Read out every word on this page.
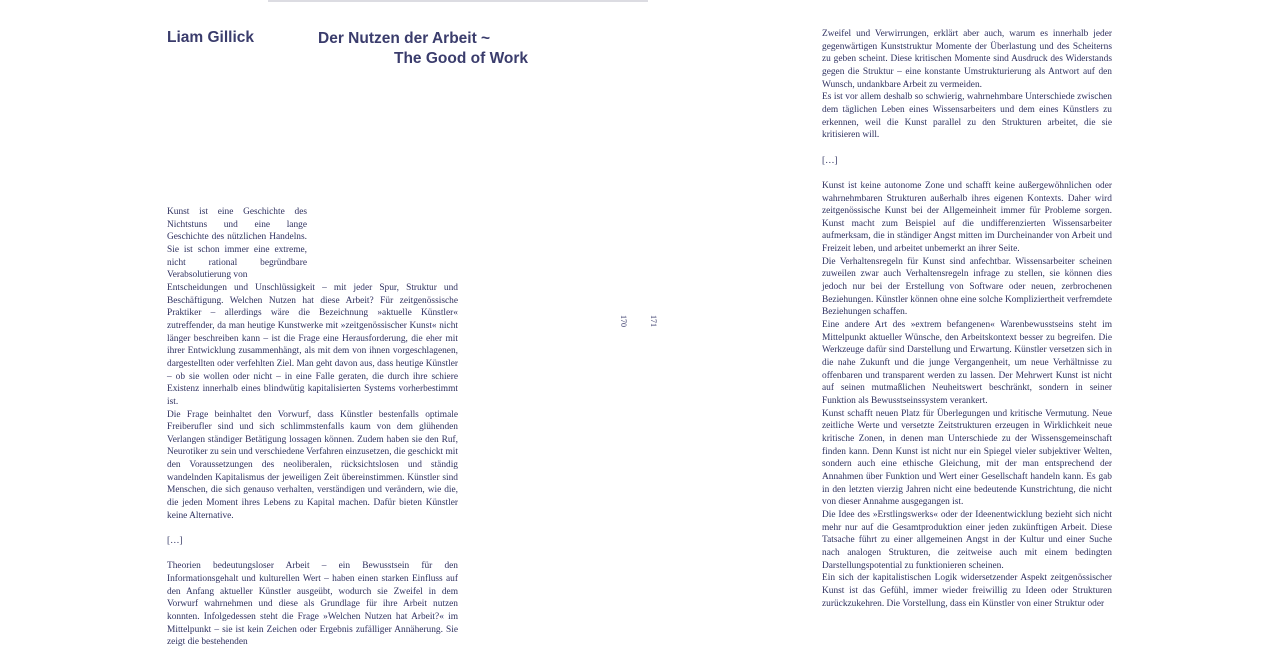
Liam Gillick	Der Nutzen der Arbeit ~
The Good of Work
170	171

Kunst ist eine Geschichte des Nichtstuns und eine lange Geschichte des nützlichen Handelns. Sie ist schon immer eine extreme, nicht rational begründbare Verabsolutierung von

Entscheidungen und Unschlüssigkeit – mit jeder Spur, Struktur und Beschäftigung. Welchen Nutzen hat diese Arbeit? Für zeitgenössische Praktiker – allerdings wäre die Bezeichnung »aktuelle Künstler« zutreffender, da man heutige Kunstwerke mit »zeitgenössischer Kunst« nicht länger beschreiben kann – ist die Frage eine Herausforderung, die eher mit ihrer Entwicklung zusammenhängt, als mit dem von ihnen vorgeschlagenen, dargestellten oder verfehlten Ziel. Man geht davon aus, dass heutige Künstler – ob sie wollen oder nicht – in eine Falle geraten, die durch ihre schiere Existenz innerhalb eines blindwütig kapitalisierten Systems vorherbestimmt ist.

Die Frage beinhaltet den Vorwurf, dass Künstler bestenfalls optimale Freiberufler sind und sich schlimmstenfalls kaum von dem glühenden Verlangen ständiger Betätigung lossagen können. Zudem haben sie den Ruf, Neurotiker zu sein und verschiedene Verfahren einzusetzen, die geschickt mit den Voraussetzungen des neoliberalen, rücksichtslosen und ständig wandelnden Kapitalismus der jeweiligen Zeit übereinstimmen. Künstler sind Menschen, die sich genauso verhalten, verständigen und verändern, wie die, die jeden Moment ihres Lebens zu Kapital machen. Dafür bieten Künstler keine Alternative.

[…]

Theorien bedeutungsloser Arbeit – ein Bewusstsein für den Informationsgehalt und kulturellen Wert – haben einen starken Einfluss auf den Anfang aktueller Künstler ausgeübt, wodurch sie Zweifel in dem Vorwurf wahrnehmen und diese als Grundlage für ihre Arbeit nutzen konnten. Infolgedessen steht die Frage »Welchen Nutzen hat Arbeit?« im Mittelpunkt – sie ist kein Zeichen oder Ergebnis zufälliger Annäherung. Sie zeigt die bestehenden

Zweifel und Verwirrungen, erklärt aber auch, warum es innerhalb jeder gegenwärtigen Kunststruktur Momente der Überlastung und des Scheiterns zu geben scheint. Diese kritischen Momente sind Ausdruck des Widerstands gegen die Struktur – eine konstante Umstrukturierung als Antwort auf den Wunsch, undankbare Arbeit zu vermeiden.

Es ist vor allem deshalb so schwierig, wahrnehmbare Unterschiede zwischen dem täglichen Leben eines Wissensarbeiters und dem eines Künstlers zu erkennen, weil die Kunst parallel zu den Strukturen arbeitet, die sie kritisieren will.

[…]

Kunst ist keine autonome Zone und schafft keine außergewöhnlichen oder wahrnehmbaren Strukturen außerhalb ihres eigenen Kontexts. Daher wird zeitgenössische Kunst bei der Allgemeinheit immer für Probleme sorgen. Kunst macht zum Beispiel auf die undifferenzierten Wissensarbeiter aufmerksam, die in ständiger Angst mitten im Durcheinander von Arbeit und Freizeit leben, und arbeitet unbemerkt an ihrer Seite.

Die Verhaltensregeln für Kunst sind anfechtbar. Wissensarbeiter scheinen zuweilen zwar auch Verhaltensregeln infrage zu stellen, sie können dies jedoch nur bei der Erstellung von Software oder neuen, zerbrochenen Beziehungen. Künstler können ohne eine solche Kompliziertheit verfremdete Beziehungen schaffen.

Eine andere Art des »extrem befangenen« Warenbewusstseins steht im Mittelpunkt aktueller Wünsche, den Arbeitskontext besser zu begreifen. Die Werkzeuge dafür sind Darstellung und Erwartung. Künstler versetzen sich in die nahe Zukunft und die junge Vergangenheit, um neue Verhältnisse zu offenbaren und transparent werden zu lassen. Der Mehrwert Kunst ist nicht auf seinen mutmaßlichen Neuheitswert beschränkt, sondern in seiner Funktion als Bewusstseinssystem verankert.

Kunst schafft neuen Platz für Überlegungen und kritische Vermutung. Neue zeitliche Werte und versetzte Zeitstrukturen erzeugen in Wirklichkeit neue kritische Zonen, in denen man Unterschiede zu der Wissensgemeinschaft finden kann. Denn Kunst ist nicht nur ein Spiegel vieler subjektiver Welten, sondern auch eine ethische Gleichung, mit der man entsprechend der Annahmen über Funktion und Wert einer Gesellschaft handeln kann. Es gab in den letzten vierzig Jahren nicht eine bedeutende Kunstrichtung, die nicht von dieser Annahme ausgegangen ist.

Die Idee des »Erstlingswerks« oder der Ideenentwicklung bezieht sich nicht mehr nur auf die Gesamtproduktion einer jeden zukünftigen Arbeit. Diese Tatsache führt zu einer allgemeinen Angst in der Kultur und einer Suche nach analogen Strukturen, die zeitweise auch mit einem bedingten Darstellungspotential zu funktionieren scheinen.

Ein sich der kapitalistischen Logik widersetzender Aspekt zeitgenössischer Kunst ist das Gefühl, immer wieder freiwillig zu Ideen oder Strukturen zurückzukehren. Die Vorstellung, dass ein Künstler von einer Struktur oder
